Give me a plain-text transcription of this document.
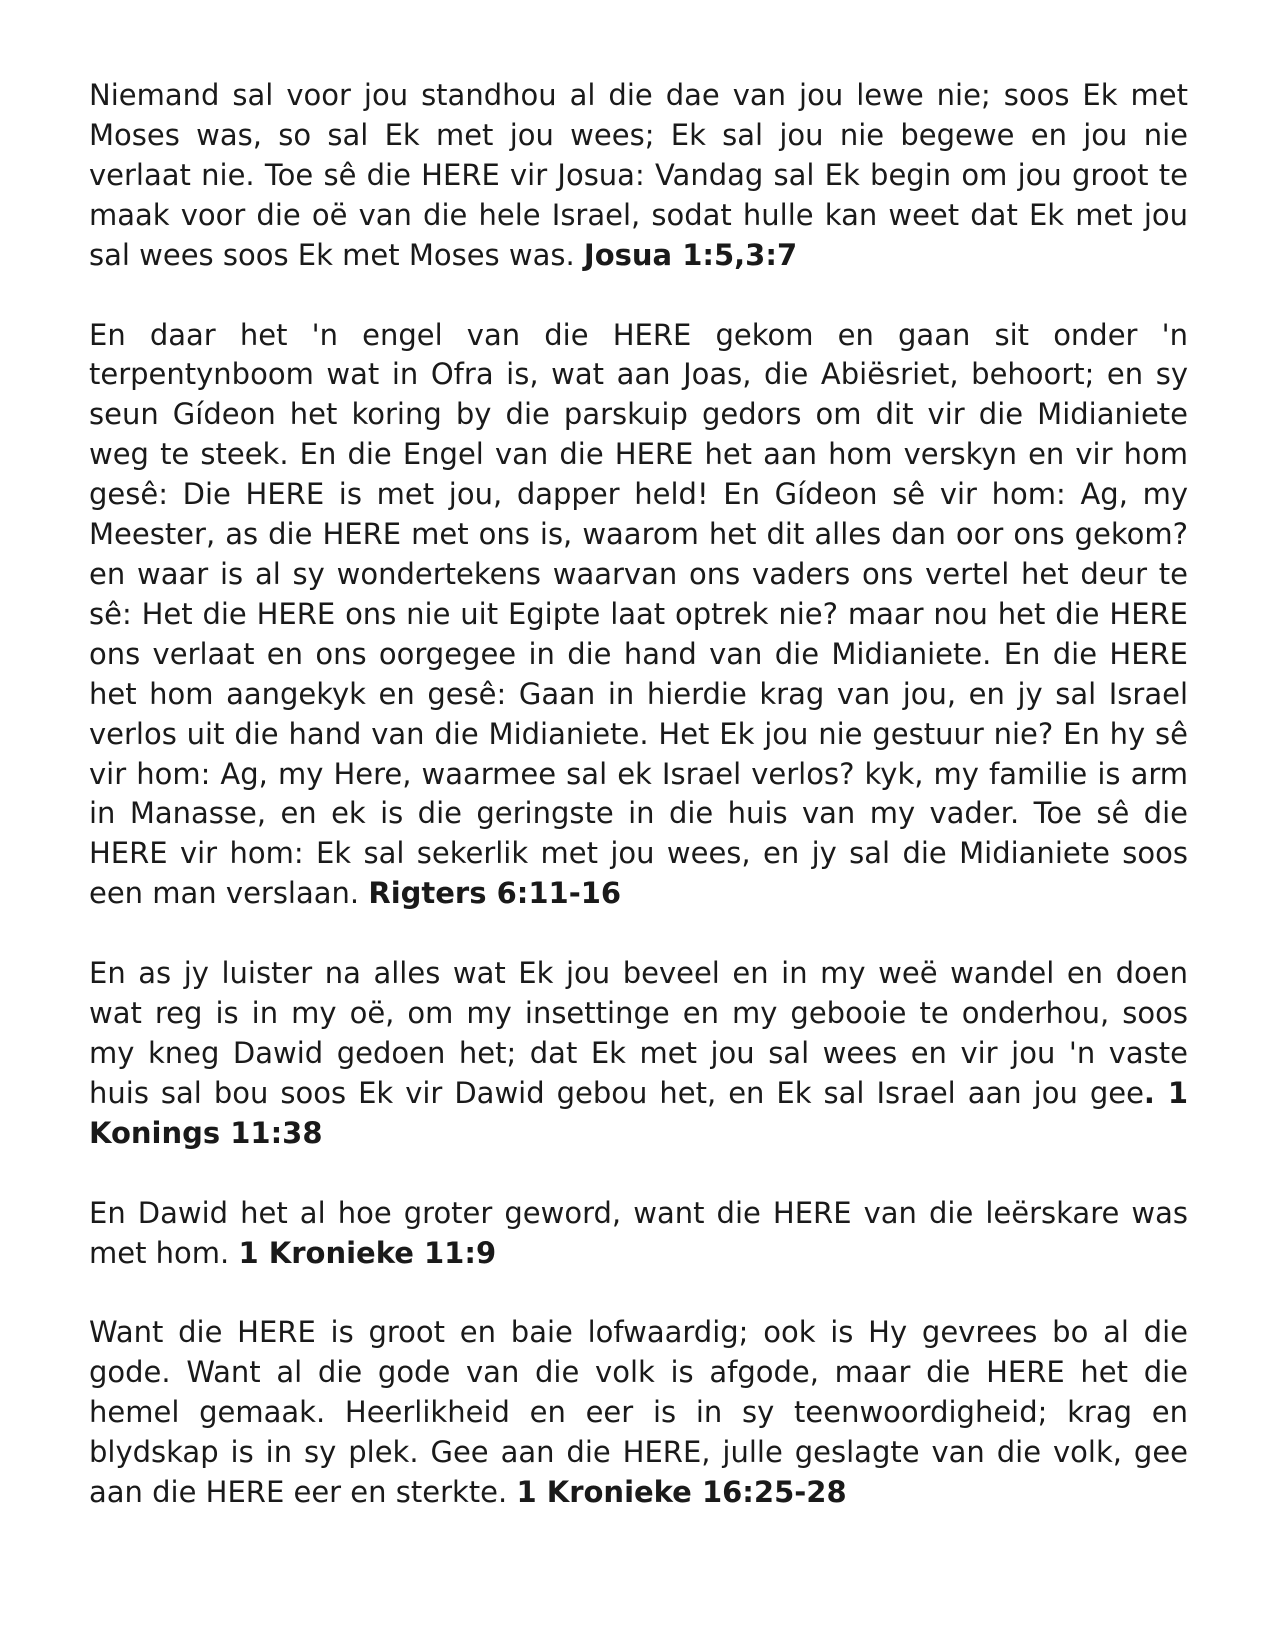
Niemand sal voor jou standhou al die dae van jou lewe nie; soos Ek met Moses was, so sal Ek met jou wees; Ek sal jou nie begewe en jou nie verlaat nie. Toe sê die HERE vir Josua: Vandag sal Ek begin om jou groot te maak voor die oë van die hele Israel, sodat hulle kan weet dat Ek met jou sal wees soos Ek met Moses was. Josua 1:5,3:7

En daar het 'n engel van die HERE gekom en gaan sit onder 'n terpentynboom wat in Ofra is, wat aan Joas, die Abiësriet, behoort; en sy seun Gídeon het koring by die parskuip gedors om dit vir die Midianiete weg te steek. En die Engel van die HERE het aan hom verskyn en vir hom gesê: Die HERE is met jou, dapper held! En Gídeon sê vir hom: Ag, my Meester, as die HERE met ons is, waarom het dit alles dan oor ons gekom? en waar is al sy wondertekens waarvan ons vaders ons vertel het deur te sê: Het die HERE ons nie uit Egipte laat optrek nie? maar nou het die HERE ons verlaat en ons oorgegee in die hand van die Midianiete. En die HERE het hom aangekyk en gesê: Gaan in hierdie krag van jou, en jy sal Israel verlos uit die hand van die Midianiete. Het Ek jou nie gestuur nie? En hy sê vir hom: Ag, my Here, waarmee sal ek Israel verlos? kyk, my familie is arm in Manasse, en ek is die geringste in die huis van my vader. Toe sê die HERE vir hom: Ek sal sekerlik met jou wees, en jy sal die Midianiete soos een man verslaan. Rigters 6:11-16

En as jy luister na alles wat Ek jou beveel en in my weë wandel en doen wat reg is in my oë, om my insettinge en my gebooie te onderhou, soos my kneg Dawid gedoen het; dat Ek met jou sal wees en vir jou 'n vaste huis sal bou soos Ek vir Dawid gebou het, en Ek sal Israel aan jou gee. 1 Konings 11:38

En Dawid het al hoe groter geword, want die HERE van die leërskare was met hom. 1 Kronieke 11:9

Want die HERE is groot en baie lofwaardig; ook is Hy gevrees bo al die gode. Want al die gode van die volk is afgode, maar die HERE het die hemel gemaak. Heerlikheid en eer is in sy teenwoordigheid; krag en blydskap is in sy plek. Gee aan die HERE, julle geslagte van die volk, gee aan die HERE eer en sterkte. 1 Kronieke 16:25-28
